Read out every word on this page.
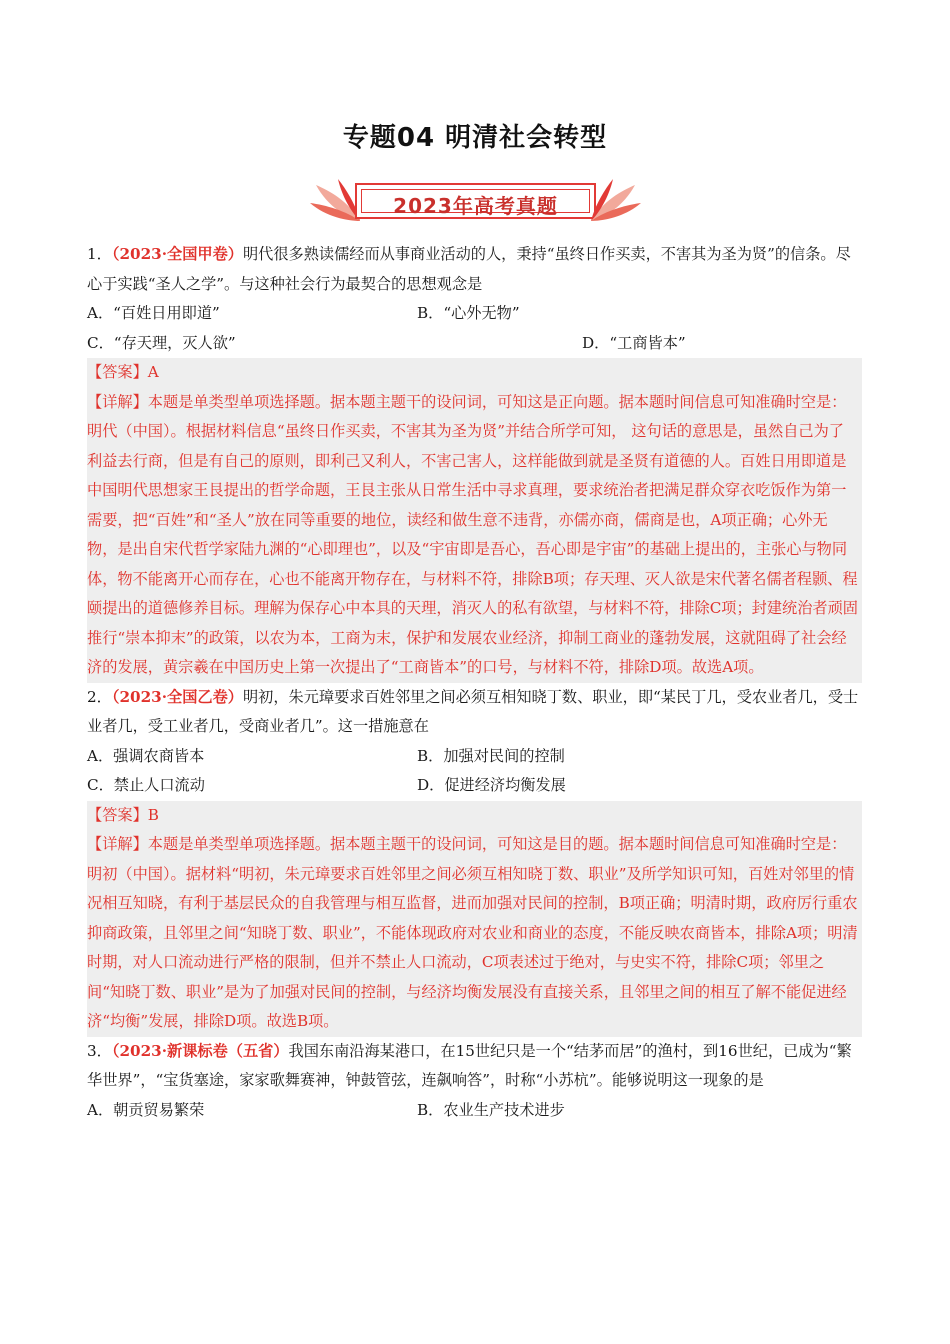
专题04 明清社会转型
2023年高考真题

1．（2023·全国甲卷）明代很多熟读儒经而从事商业活动的人，秉持“虽终日作买卖，不害其为圣为贤”的信条。尽心于实践“圣人之学”。与这种社会行为最契合的思想观念是

A．“百姓日用即道”	B．“心外无物”
C．“存天理，灭人欲”	D．“工商皆本”
【答案】A
【详解】本题是单类型单项选择题。据本题主题干的设问词，可知这是正向题。据本题时间信息可知准确时空是：明代（中国）。根据材料信息“虽终日作买卖，不害其为圣为贤”并结合所学可知， 这句话的意思是，虽然自己为了利益去行商，但是有自己的原则，即利己又利人，不害己害人，这样能做到就是圣贤有道德的人。百姓日用即道是中国明代思想家王艮提出的哲学命题，王艮主张从日常生活中寻求真理，要求统治者把满足群众穿衣吃饭作为第一需要，把“百姓”和“圣人”放在同等重要的地位，读经和做生意不违背，亦儒亦商，儒商是也，A项正确；心外无物，是出自宋代哲学家陆九渊的“心即理也”，以及“宇宙即是吾心，吾心即是宇宙”的基础上提出的，主张心与物同体，物不能离开心而存在，心也不能离开物存在，与材料不符，排除B项；存天理、灭人欲是宋代著名儒者程颢、程颐提出的道德修养目标。理解为保存心中本具的天理，消灭人的私有欲望，与材料不符，排除C项；封建统治者顽固推行“崇本抑末”的政策，以农为本，工商为末，保护和发展农业经济，抑制工商业的蓬勃发展，这就阻碍了社会经济的发展，黄宗羲在中国历史上第一次提出了“工商皆本”的口号，与材料不符，排除D项。故选A项。

2．（2023·全国乙卷）明初，朱元璋要求百姓邻里之间必须互相知晓丁数、职业，即“某民丁几，受农业者几，受士业者几，受工业者几，受商业者几”。这一措施意在

A．强调农商皆本	B．加强对民间的控制
C．禁止人口流动	D．促进经济均衡发展
【答案】B
【详解】本题是单类型单项选择题。据本题主题干的设问词，可知这是目的题。据本题时间信息可知准确时空是：明初（中国）。据材料“明初，朱元璋要求百姓邻里之间必须互相知晓丁数、职业”及所学知识可知，百姓对邻里的情况相互知晓，有利于基层民众的自我管理与相互监督，进而加强对民间的控制，B项正确；明清时期，政府厉行重农抑商政策，且邻里之间“知晓丁数、职业”，不能体现政府对农业和商业的态度，不能反映农商皆本，排除A项；明清时期，对人口流动进行严格的限制，但并不禁止人口流动，C项表述过于绝对，与史实不符，排除C项；邻里之间“知晓丁数、职业”是为了加强对民间的控制，与经济均衡发展没有直接关系，且邻里之间的相互了解不能促进经济“均衡”发展，排除D项。故选B项。

3．（2023·新课标卷（五省）我国东南沿海某港口，在15世纪只是一个“结茅而居”的渔村，到16世纪，已成为“繁华世界”，“宝货塞途，家家歌舞赛神，钟鼓管弦，连飙响答”，时称“小苏杭”。能够说明这一现象的是

A．朝贡贸易繁荣	B．农业生产技术进步
